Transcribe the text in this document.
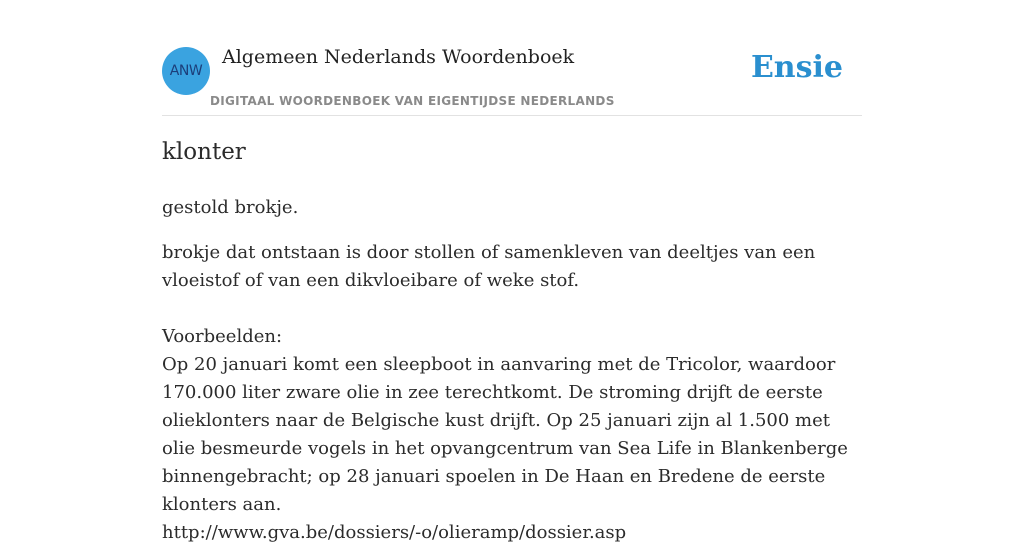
ANW
Algemeen Nederlands Woordenboek
DIGITAAL WOORDENBOEK VAN EIGENTIJDSE NEDERLANDS
Ensie
klonter
gestold brokje.

brokje dat ontstaan is door stollen of samenkleven van deeltjes van een vloeistof of van een dikvloeibare of weke stof.

Voorbeelden:

Op 20 januari komt een sleepboot in aanvaring met de Tricolor, waardoor 170.000 liter zware olie in zee terechtkomt. De stroming drijft de eerste olieklonters naar de Belgische kust drijft. Op 25 januari zijn al 1.500 met olie besmeurde vogels in het opvangcentrum van Sea Life in Blankenberge binnengebracht; op 28 januari spoelen in De Haan en Bredene de eerste klonters aan.

http://www.gva.be/dossiers/-o/olieramp/dossier.asp
